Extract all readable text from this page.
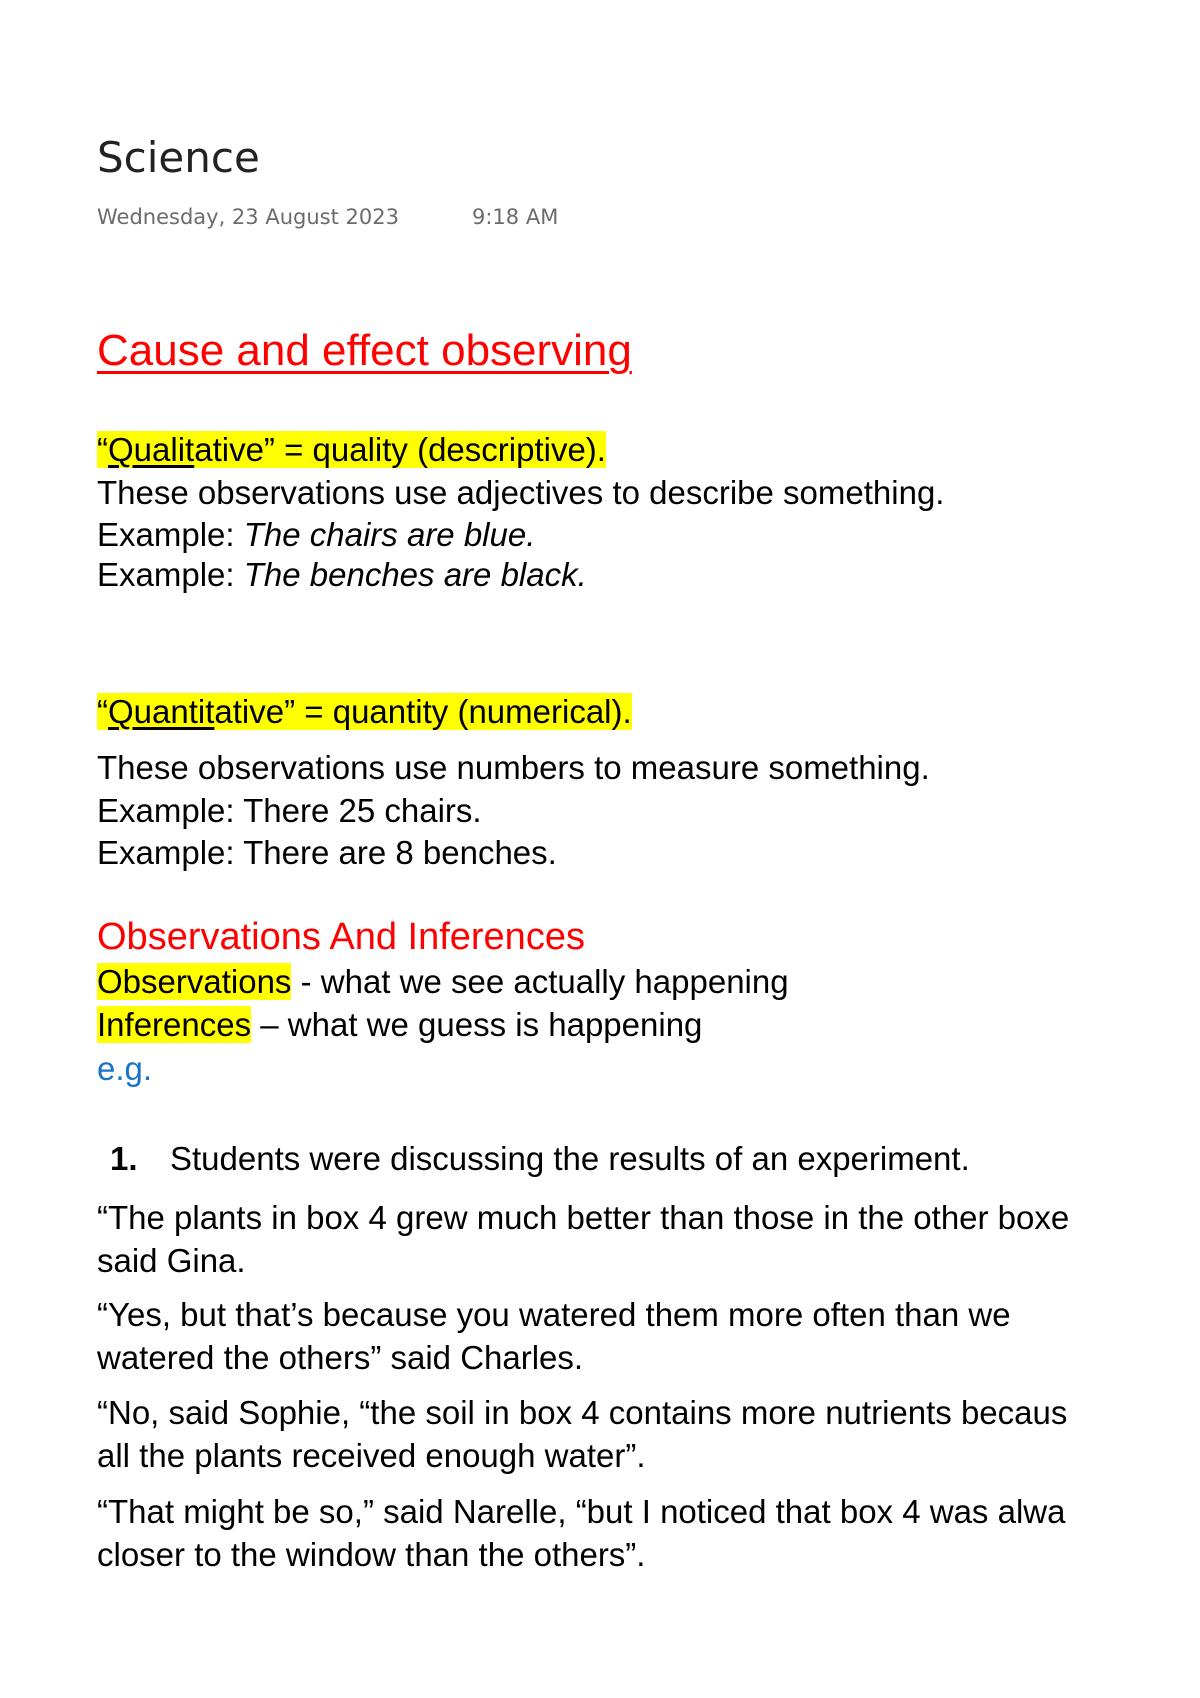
Science
Wednesday, 23 August 2023	9:18 AM
Cause and effect observing
“Qualitative” = quality (descriptive).
These observations use adjectives to describe something.
Example: The chairs are blue.
Example: The benches are black.
“Quantitative” = quantity (numerical).
These observations use numbers to measure something.
Example: There 25 chairs.
Example: There are 8 benches.
Observations And Inferences
Observations - what we see actually happening
Inferences – what we guess is happening
e.g.
1. Students were discussing the results of an experiment.
“The plants in box 4 grew much better than those in the other boxe
said Gina.
“Yes, but that’s because you watered them more often than we
watered the others” said Charles.
“No, said Sophie, “the soil in box 4 contains more nutrients becaus
all the plants received enough water”.
“That might be so,” said Narelle, “but I noticed that box 4 was alwa
closer to the window than the others”.
